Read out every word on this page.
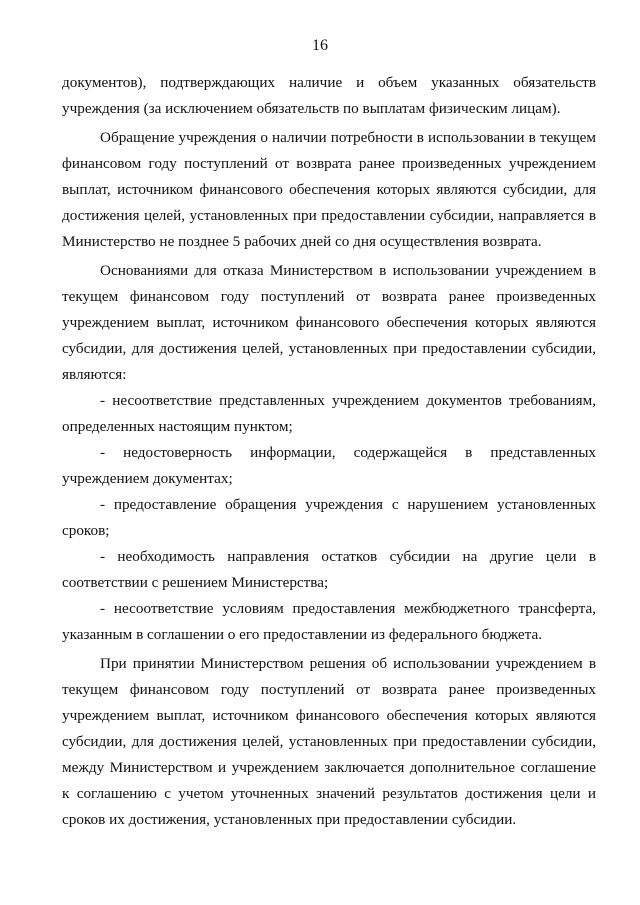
16

документов), подтверждающих наличие и объем указанных обязательств учреждения (за исключением обязательств по выплатам физическим лицам).

Обращение учреждения о наличии потребности в использовании в текущем финансовом году поступлений от возврата ранее произведенных учреждением выплат, источником финансового обеспечения которых являются субсидии, для достижения целей, установленных при предоставлении субсидии, направляется в Министерство не позднее 5 рабочих дней со дня осуществления возврата.

Основаниями для отказа Министерством в использовании учреждением в текущем финансовом году поступлений от возврата ранее произведенных учреждением выплат, источником финансового обеспечения которых являются субсидии, для достижения целей, установленных при предоставлении субсидии, являются:

- несоответствие представленных учреждением документов требованиям, определенных настоящим пунктом;

- недостоверность информации, содержащейся в представленных учреждением документах;

- предоставление обращения учреждения с нарушением установленных сроков;

- необходимость направления остатков субсидии на другие цели в соответствии с решением Министерства;

- несоответствие условиям предоставления межбюджетного трансферта, указанным в соглашении о его предоставлении из федерального бюджета.

При принятии Министерством решения об использовании учреждением в текущем финансовом году поступлений от возврата ранее произведенных учреждением выплат, источником финансового обеспечения которых являются субсидии, для достижения целей, установленных при предоставлении субсидии, между Министерством и учреждением заключается дополнительное соглашение к соглашению с учетом уточненных значений результатов достижения цели и сроков их достижения, установленных при предоставлении субсидии.
